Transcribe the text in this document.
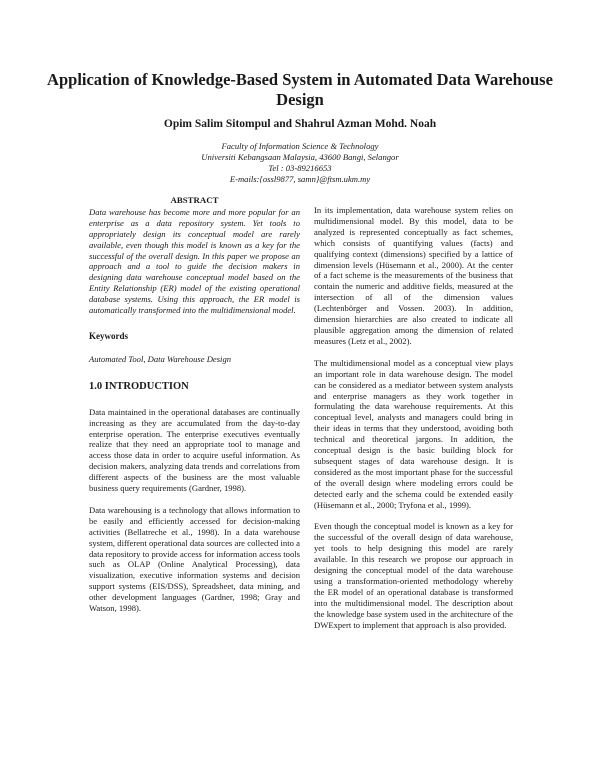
Application of Knowledge-Based System in Automated Data Warehouse Design
Opim Salim Sitompul and Shahrul Azman Mohd. Noah
Faculty of Information Science & Technology
Universiti Kebangsaan Malaysia, 43600 Bangi, Selangor
Tel : 03-89216653
E-mails:{ossl9877, samn}@ftsm.ukm.my
ABSTRACT

Data warehouse has become more and more popular for an enterprise as a data repository system. Yet tools to appropriately design its conceptual model are rarely available, even though this model is known as a key for the successful of the overall design. In this paper we propose an approach and a tool to guide the decision makers in designing data warehouse conceptual model based on the Entity Relationship (ER) model of the existing operational database systems. Using this approach, the ER model is automatically transformed into the multidimensional model.

Keywords

Automated Tool, Data Warehouse Design

1.0 INTRODUCTION

Data maintained in the operational databases are continually increasing as they are accumulated from the day-to-day enterprise operation. The enterprise executives eventually realize that they need an appropriate tool to manage and access those data in order to acquire useful information. As decision makers, analyzing data trends and correlations from different aspects of the business are the most valuable business query requirements (Gardner, 1998).

Data warehousing is a technology that allows information to be easily and efficiently accessed for decision-making activities (Bellatreche et al., 1998). In a data warehouse system, different operational data sources are collected into a data repository to provide access for information access tools such as OLAP (Online Analytical Processing), data visualization, executive information systems and decision support systems (EIS/DSS), Spreadsheet, data mining, and other development languages (Gardner, 1998; Gray and Watson, 1998).

In its implementation, data warehouse system relies on multidimensional model. By this model, data to be analyzed is represented conceptually as fact schemes, which consists of quantifying values (facts) and qualifying context (dimensions) specified by a lattice of dimension levels (Hüsemann et al., 2000). At the center of a fact scheme is the measurements of the business that contain the numeric and additive fields, measured at the intersection of all of the dimension values (Lechtenbörger and Vossen. 2003). In addition, dimension hierarchies are also created to indicate all plausible aggregation among the dimension of related measures (Letz et al., 2002).

The multidimensional model as a conceptual view plays an important role in data warehouse design. The model can be considered as a mediator between system analysts and enterprise managers as they work together in formulating the data warehouse requirements. At this conceptual level, analysts and managers could bring in their ideas in terms that they understood, avoiding both technical and theoretical jargons. In addition, the conceptual design is the basic building block for subsequent stages of data warehouse design. It is considered as the most important phase for the successful of the overall design where modeling errors could be detected early and the schema could be extended easily (Hüsemann et al., 2000; Tryfona et al., 1999).

Even though the conceptual model is known as a key for the successful of the overall design of data warehouse, yet tools to help designing this model are rarely available. In this research we propose our approach in designing the conceptual model of the data warehouse using a transformation-oriented methodology whereby the ER model of an operational database is transformed into the multidimensional model. The description about the knowledge base system used in the architecture of the DWExpert to implement that approach is also provided.
